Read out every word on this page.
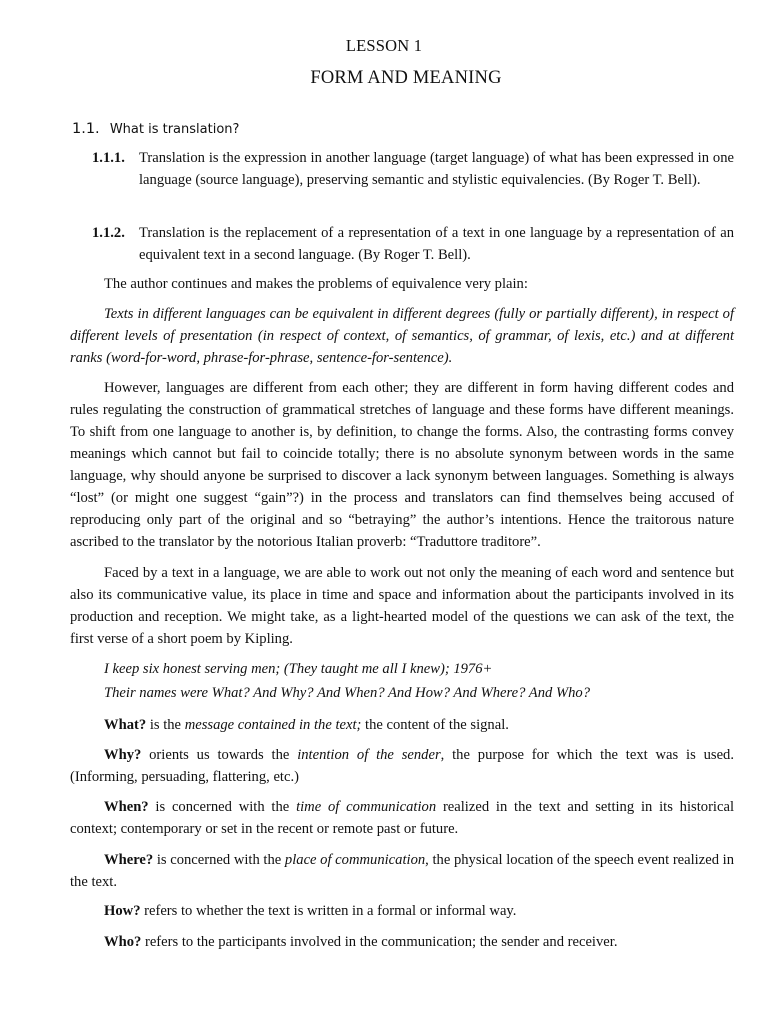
LESSON 1
FORM AND MEANING
1.1. What is translation?
1.1.1. Translation is the expression in another language (target language) of what has been expressed in one language (source language), preserving semantic and stylistic equivalencies. (By Roger T. Bell).
1.1.2. Translation is the replacement of a representation of a text in one language by a representation of an equivalent text in a second language. (By Roger T. Bell).

The author continues and makes the problems of equivalence very plain:

Texts in different languages can be equivalent in different degrees (fully or partially different), in respect of different levels of presentation (in respect of context, of semantics, of grammar, of lexis, etc.) and at different ranks (word-for-word, phrase-for-phrase, sentence-for-sentence).

However, languages are different from each other; they are different in form having different codes and rules regulating the construction of grammatical stretches of language and these forms have different meanings. To shift from one language to another is, by definition, to change the forms. Also, the contrasting forms convey meanings which cannot but fail to coincide totally; there is no absolute synonym between words in the same language, why should anyone be surprised to discover a lack synonym between languages. Something is always “lost” (or might one suggest “gain”?) in the process and translators can find themselves being accused of reproducing only part of the original and so “betraying” the author’s intentions. Hence the traitorous nature ascribed to the translator by the notorious Italian proverb: “Traduttore traditore”.

Faced by a text in a language, we are able to work out not only the meaning of each word and sentence but also its communicative value, its place in time and space and information about the participants involved in its production and reception. We might take, as a light-hearted model of the questions we can ask of the text, the first verse of a short poem by Kipling.

I keep six honest serving men; (They taught me all I knew); 1976+
Their names were What? And Why? And When? And How? And Where? And Who?

What? is the message contained in the text; the content of the signal.

Why? orients us towards the intention of the sender, the purpose for which the text was is used. (Informing, persuading, flattering, etc.)

When? is concerned with the time of communication realized in the text and setting in its historical context; contemporary or set in the recent or remote past or future.

Where? is concerned with the place of communication, the physical location of the speech event realized in the text.

How? refers to whether the text is written in a formal or informal way.

Who? refers to the participants involved in the communication; the sender and receiver.
